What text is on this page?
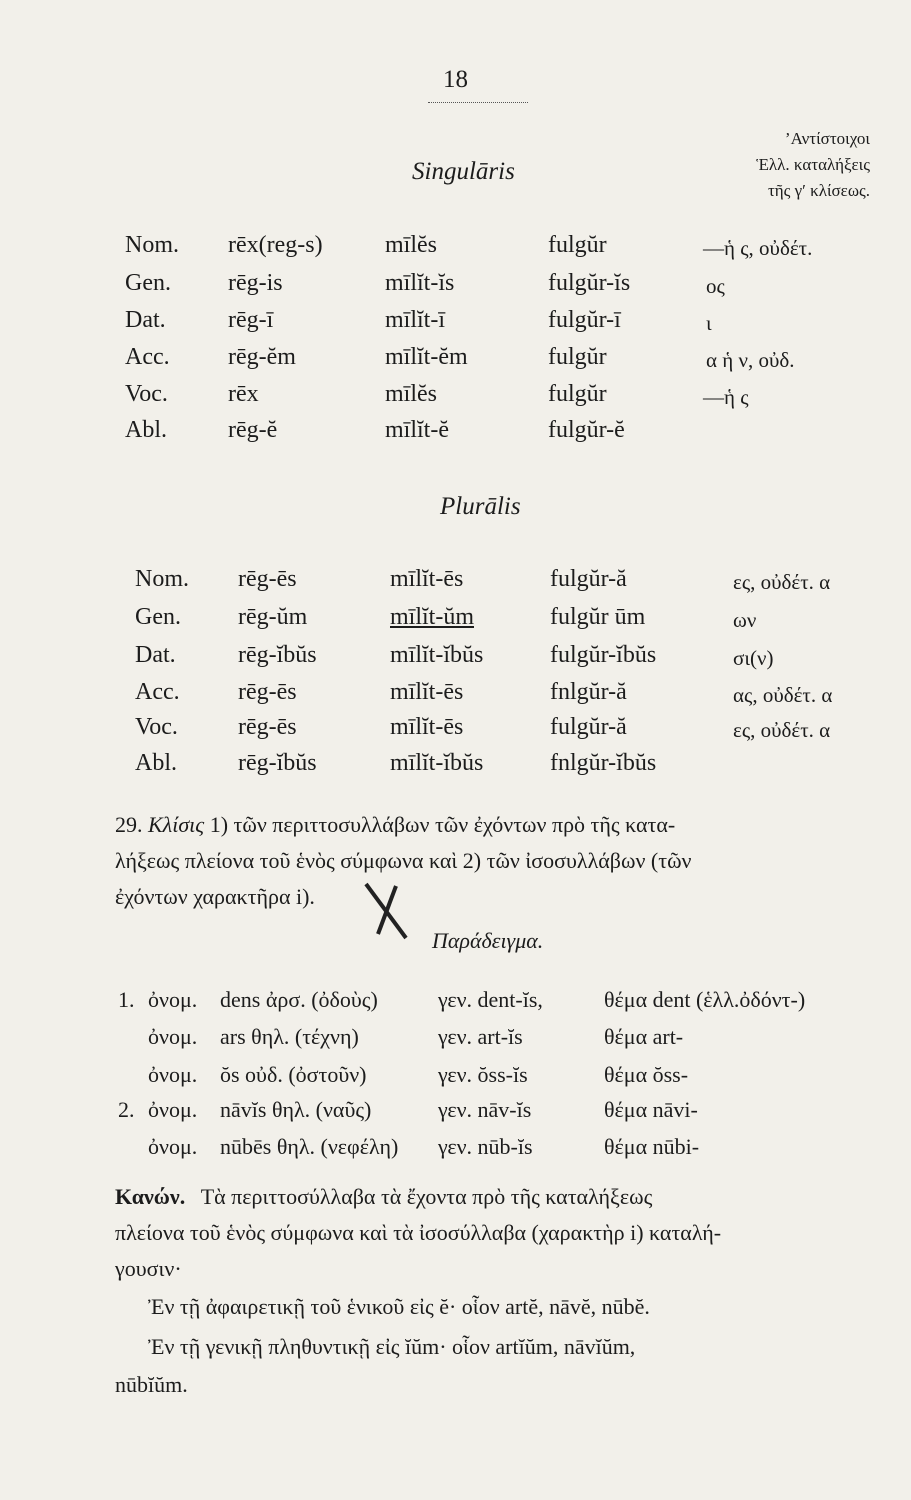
18
Singulāris
’Αντίστοιχοι
Ἑλλ. καταλήξεις
τῆς γ′ κλίσεως.
Nom. rēx(reg-s)	mīlĕs	fulgŭr	—ἡ ς, οὐδέτ.
Gen. rēg-is	mīlĭt-ĭs	fulgŭr-ĭs	ος
Dat.	rēg-ī	mīlĭt-ī	fulgŭr-ī	ι
Acc. rēg-ĕm	mīlĭt-ĕm	fulgŭr	α ἡ ν, οὐδ.
Voc.	rēx	mīlĕs	fulgŭr	—ἡ ς
Abl.	rēg-ĕ	mīlĭt-ĕ	fulgŭr-ĕ
Plurālis
Nom. rēg-ēs	mīlĭt-ēs	fulgŭr-ă	ες, οὐδέτ. α
Gen. rēg-ŭm	mīlĭt-ŭm	fulgŭr ūm	ων
Dat.	rēg-ĭbŭs	mīlĭt-ĭbŭs	fulgŭr-ĭbŭs	σι(ν)
Acc. rēg-ēs	mīlĭt-ēs	fnlgŭr-ă	ας, οὐδέτ. α
Voc.	rēg-ēs	mīlĭt-ēs	fulgŭr-ă	ες, οὐδέτ. α
Abl.	rēg-ĭbŭs	mīlĭt-ĭbŭs	fnlgŭr-ĭbŭs
29. Κλίσις 1) τῶν περιττοσυλλάβων τῶν ἐχόντων πρὸ τῆς κατα-
λήξεως πλείονα τοῦ ἑνὸς σύμφωνα καὶ 2) τῶν ἰσοσυλλάβων (τῶν
ἐχόντων χαρακτῆρα i).
Παράδειγμα.
1. ὀνομ. dens ἀρσ. (ὀδοὺς)	γεν. dent-ĭs,	θέμα dent (ἑλλ.ὀδόντ-)
ὀνομ. ars θηλ. (τέχνη)	γεν. art-ĭs	θέμα art-
ὀνομ. ŏs οὐδ. (ὀστοῦν)	γεν. ŏss-ĭs	θέμα ŏss-
2. ὀνομ. nāvĭs θηλ. (ναῦς)	γεν. nāv-ĭs	θέμα nāvi-
ὀνομ. nūbēs θηλ. (νεφέλη) γεν. nūb-ĭs	θέμα nūbi-
Κανών. Τὰ περιττοσύλλαβα τὰ ἔχοντα πρὸ τῆς καταλήξεως
πλείονα τοῦ ἑνὸς σύμφωνα καὶ τὰ ἰσοσύλλαβα (χαρακτὴρ i) καταλή-
γουσιν·
Ἐν τῇ ἀφαιρετικῇ τοῦ ἑνικοῦ εἰς ĕ· οἷον artĕ, nāvĕ, nūbĕ.
Ἐν τῇ γενικῇ πληθυντικῇ εἰς ĭŭm· οἷον artĭŭm, nāvĭŭm,
nūbĭŭm.
